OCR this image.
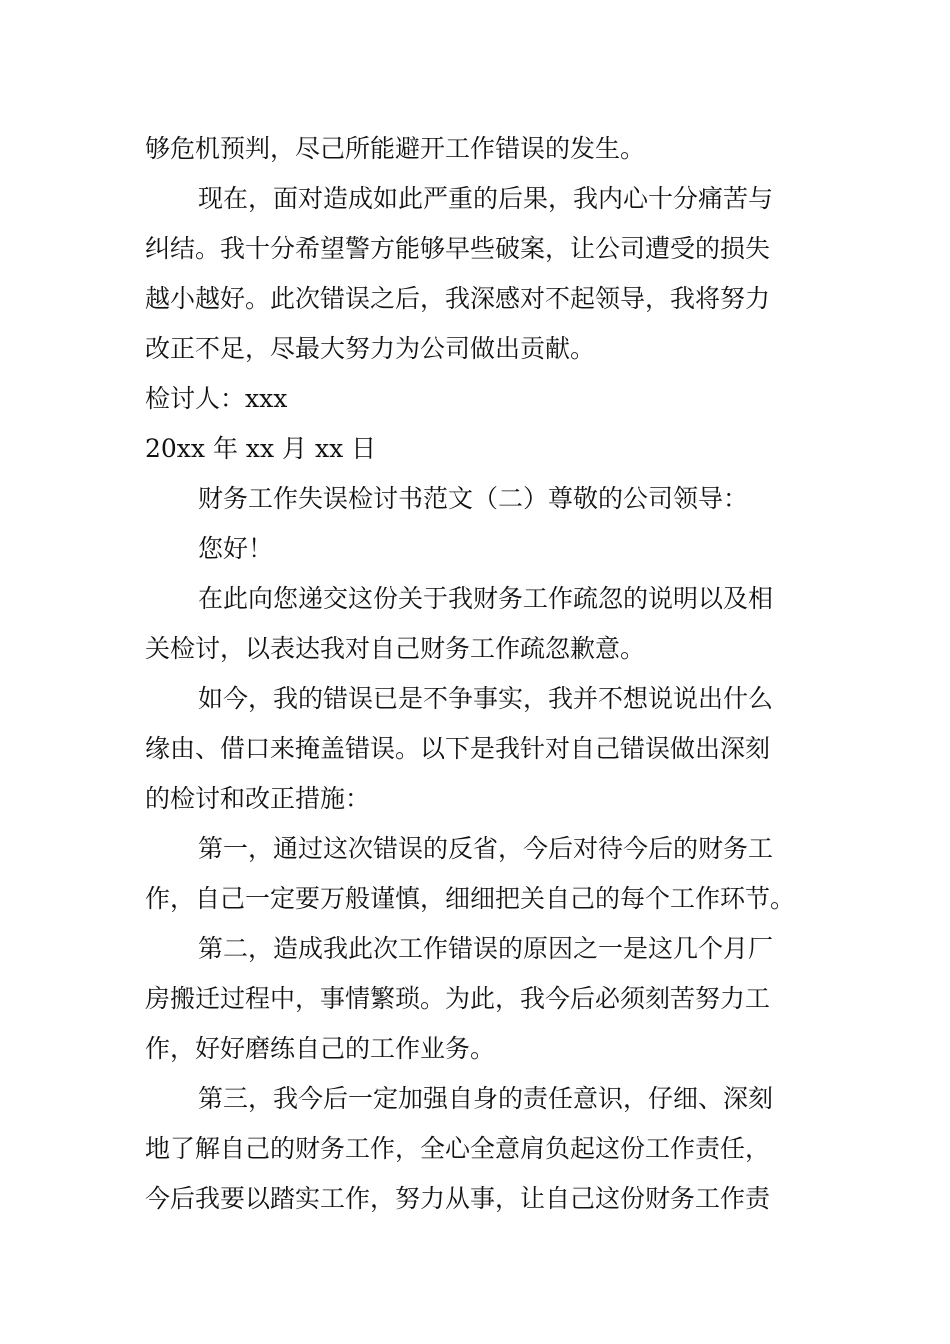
够危机预判，尽己所能避开工作错误的发生。
现在，面对造成如此严重的后果，我内心十分痛苦与
纠结。我十分希望警方能够早些破案，让公司遭受的损失
越小越好。此次错误之后，我深感对不起领导，我将努力
改正不足，尽最大努力为公司做出贡献。
检讨人：xxx
20xx 年 xx 月 xx 日
财务工作失误检讨书范文（二）尊敬的公司领导：
您好！
在此向您递交这份关于我财务工作疏忽的说明以及相
关检讨，以表达我对自己财务工作疏忽歉意。
如今，我的错误已是不争事实，我并不想说说出什么
缘由、借口来掩盖错误。以下是我针对自己错误做出深刻
的检讨和改正措施：
第一，通过这次错误的反省，今后对待今后的财务工
作，自己一定要万般谨慎，细细把关自己的每个工作环节。
第二，造成我此次工作错误的原因之一是这几个月厂
房搬迁过程中，事情繁琐。为此，我今后必须刻苦努力工
作，好好磨练自己的工作业务。
第三，我今后一定加强自身的责任意识，仔细、深刻
地了解自己的财务工作，全心全意肩负起这份工作责任，
今后我要以踏实工作，努力从事，让自己这份财务工作责
